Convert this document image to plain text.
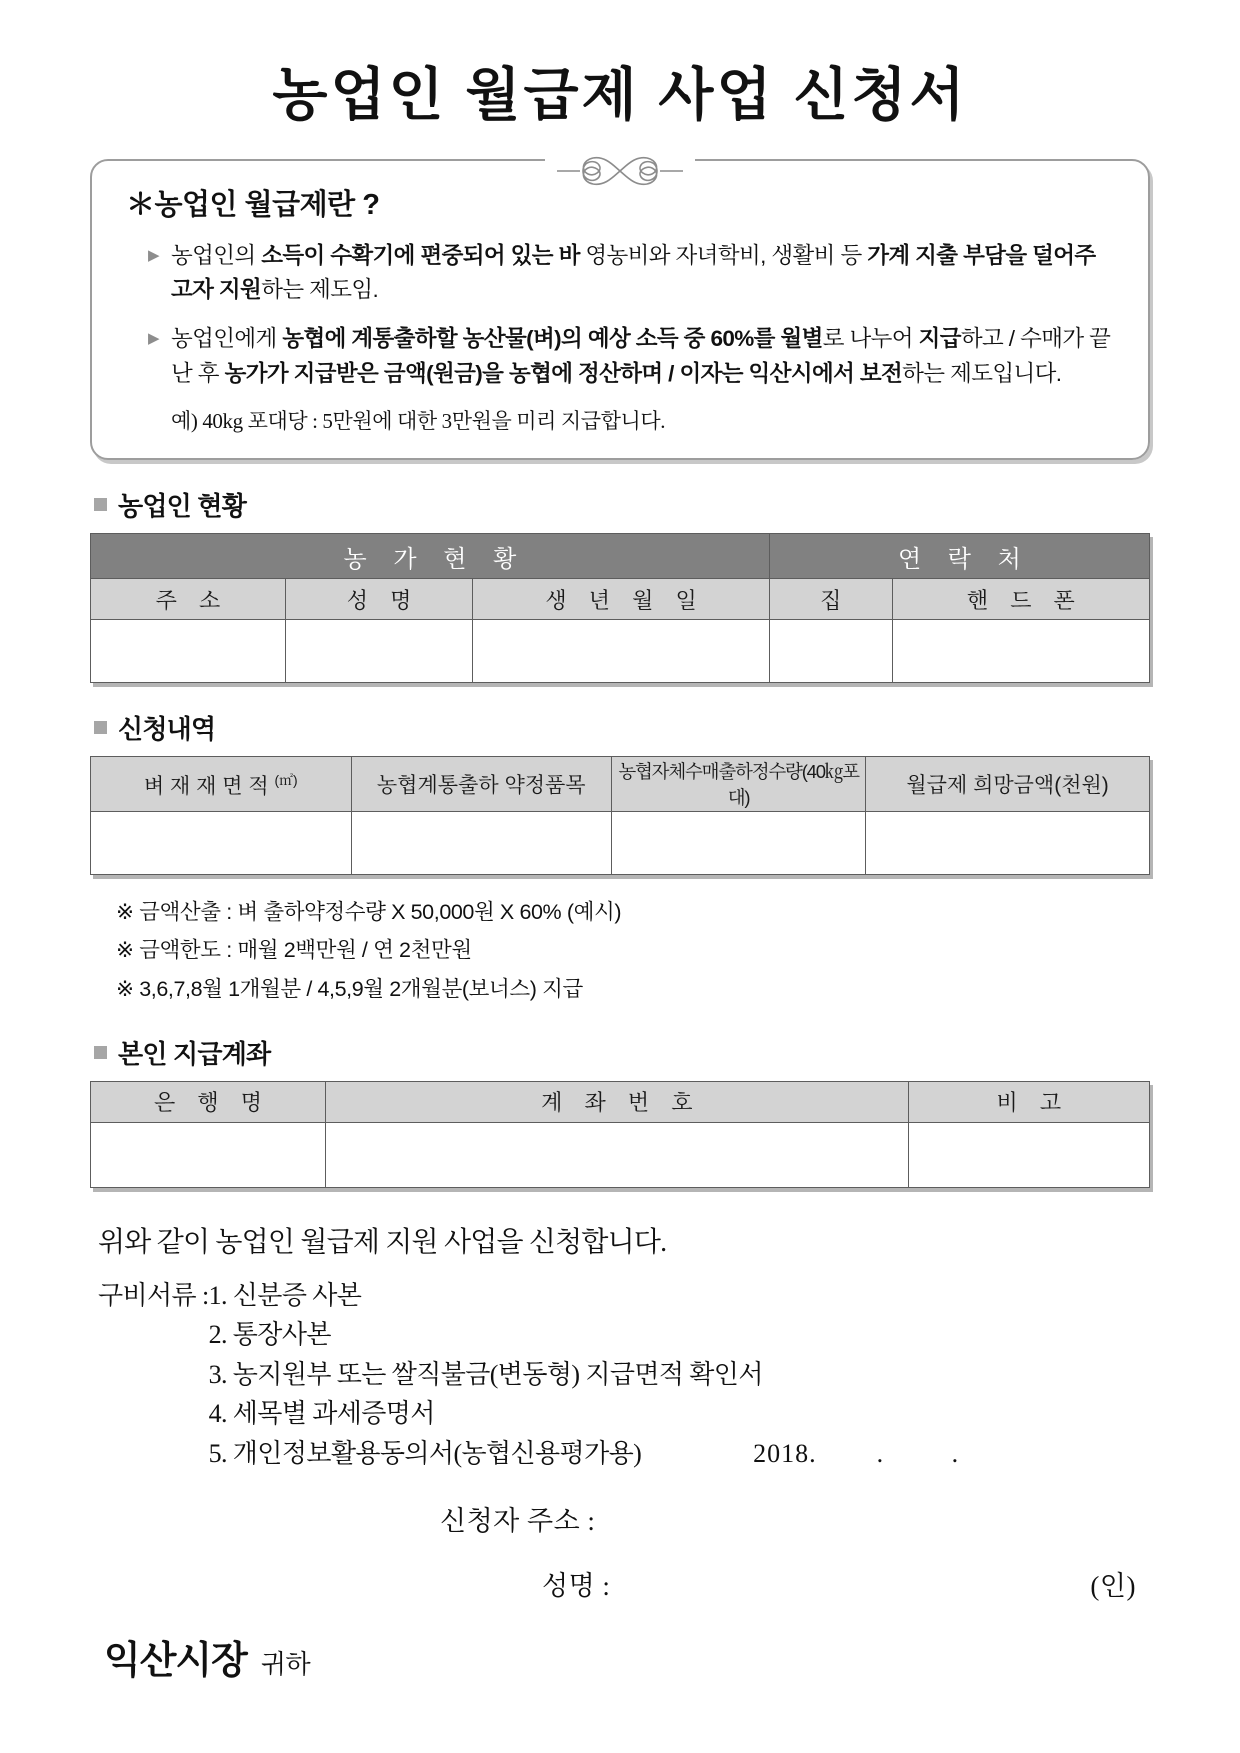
농업인 월급제 사업 신청서
＊농업인 월급제란 ?
▶ 농업인의 소득이 수확기에 편중되어 있는 바 영농비와 자녀학비, 생활비 등 가계 지출 부담을 덜어주고자 지원하는 제도임.
▶ 농업인에게 농협에 계통출하할 농산물(벼)의 예상 소득 중 60%를 월별로 나누어 지급하고 / 수매가 끝난 후 농가가 지급받은 금액(원금)을 농협에 정산하며 / 이자는 익산시에서 보전하는 제도입니다.
예) 40kg 포대당 : 5만원에 대한 3만원을 미리 지급합니다.
농업인 현황
농 가 현 황			연 락 처	
주 소	성 명	생 년 월 일	집	핸 드 폰

신청내역
벼 재 재 면 적 (㎡)	농협계통출하 약정품목	농협자체수매출하정수량(40㎏포대)	월급제 희망금액(천원)

※ 금액산출 : 벼 출하약정수량 X 50,000원 X 60% (예시)
※ 금액한도 : 매월 2백만원 / 연 2천만원
※ 3,6,7,8월 1개월분 / 4,5,9월 2개월분(보너스) 지급
본인 지급계좌
은 행 명	계 좌 번 호	비 고

위와 같이 농업인 월급제 지원 사업을 신청합니다.
구비서류 : 1. 신분증 사본
2. 통장사본
3. 농지원부 또는 쌀직불금(변동형) 지급면적 확인서
4. 세목별 과세증명서
5. 개인정보활용동의서(농협신용평가용)	2018.        .         .
신청자 주소 :
성명 :	(인)
익산시장 귀하
